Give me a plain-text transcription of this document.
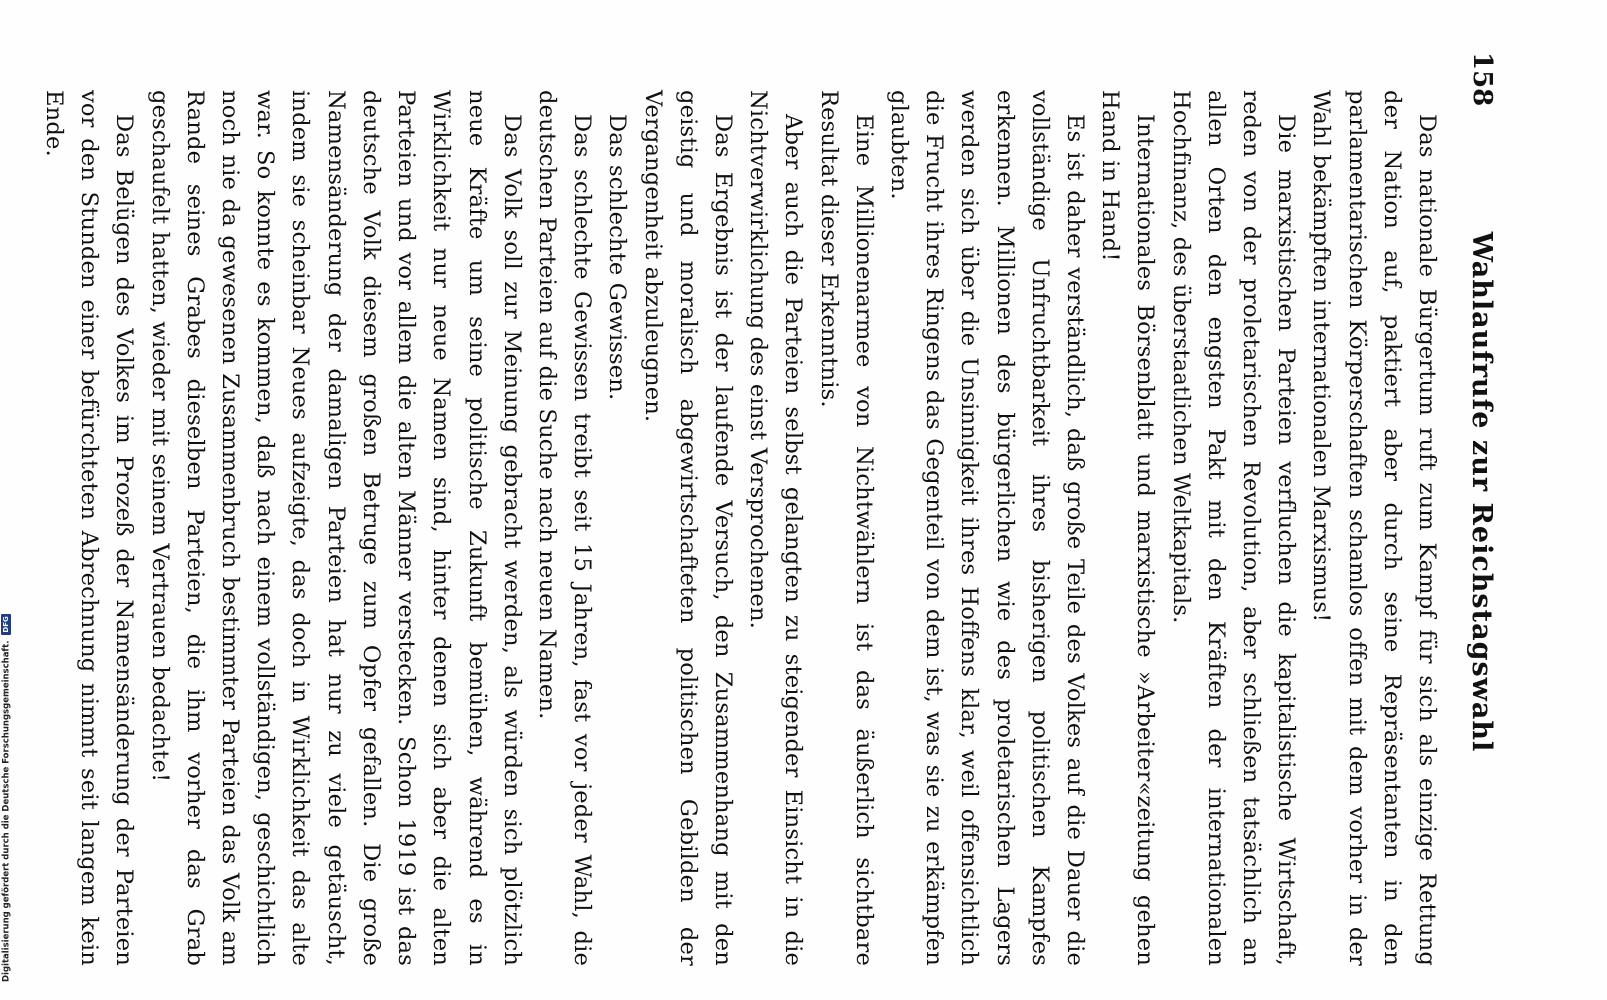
158
Wahlaufrufe zur Reichstagswahl

Das nationale Bürgertum ruft zum Kampf für sich als einzige Rettung der Nation auf, paktiert aber durch seine Repräsentanten in den parlamentarischen Körperschaften schamlos offen mit dem vorher in der Wahl bekämpften internationalen Marxismus!

Die marxistischen Parteien verfluchen die kapitalistische Wirtschaft, reden von der proletarischen Revolution, aber schließen tatsächlich an allen Orten den engsten Pakt mit den Kräften der internationalen Hochfinanz, des überstaatlichen Weltkapitals.

Internationales Börsenblatt und marxistische »Arbeiter«zeitung gehen Hand in Hand!

Es ist daher verständlich, daß große Teile des Volkes auf die Dauer die vollständige Unfruchtbarkeit ihres bisherigen politischen Kampfes erkennen. Millionen des bürgerlichen wie des proletarischen Lagers werden sich über die Unsinnigkeit ihres Hoffens klar, weil offensichtlich die Frucht ihres Ringens das Gegenteil von dem ist, was sie zu erkämpfen glaubten.

Eine Millionenarmee von Nichtwählern ist das äußerlich sichtbare Resultat dieser Erkenntnis.

Aber auch die Parteien selbst gelangten zu steigender Einsicht in die Nichtverwirklichung des einst Versprochenen.

Das Ergebnis ist der laufende Versuch, den Zusammenhang mit den geistig und moralisch abgewirtschafteten politischen Gebilden der Vergangenheit abzuleugnen.

Das schlechte Gewissen.

Das schlechte Gewissen treibt seit 15 Jahren, fast vor jeder Wahl, die deutschen Parteien auf die Suche nach neuen Namen.

Das Volk soll zur Meinung gebracht werden, als würden sich plötzlich neue Kräfte um seine politische Zukunft bemühen, während es in Wirklichkeit nur neue Namen sind, hinter denen sich aber die alten Parteien und vor allem die alten Männer verstecken. Schon 1919 ist das deutsche Volk diesem großen Betruge zum Opfer gefallen. Die große Namensänderung der damaligen Parteien hat nur zu viele getäuscht, indem sie scheinbar Neues aufzeigte, das doch in Wirklichkeit das alte war. So konnte es kommen, daß nach einem vollständigen, geschichtlich noch nie da gewesenen Zusammenbruch bestimmter Parteien das Volk am Rande seines Grabes dieselben Parteien, die ihm vorher das Grab geschaufelt hatten, wieder mit seinem Vertrauen bedachte!

Das Belügen des Volkes im Prozeß der Namensänderung der Parteien vor den Stunden einer befürchteten Abrechnung nimmt seit langem kein Ende.

Digitalisierung gefördert durch die Deutsche Forschungsgemeinschaft. DFG
